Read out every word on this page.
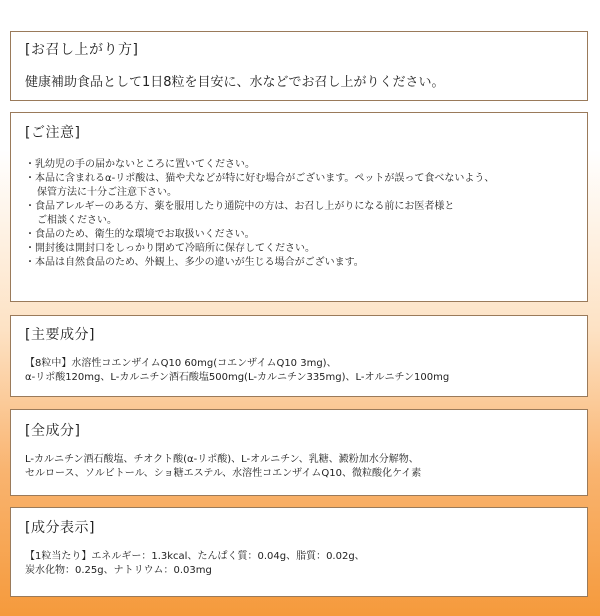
[お召し上がり方]

健康補助食品として1日8粒を目安に、水などでお召し上がりください。

[ご注意]
・乳幼児の手の届かないところに置いてください。
・本品に含まれるα-リポ酸は、猫や犬などが特に好む場合がございます。ペットが誤って食べないよう、
保管方法に十分ご注意下さい。
・食品アレルギーのある方、薬を服用したり通院中の方は、お召し上がりになる前にお医者様と
ご相談ください。
・食品のため、衛生的な環境でお取扱いください。
・開封後は開封口をしっかり閉めて冷暗所に保存してください。
・本品は自然食品のため、外観上、多少の違いが生じる場合がございます。
[主要成分]
【8粒中】水溶性コエンザイムQ10 60mg(コエンザイムQ10 3mg)、
α-リポ酸120mg、L-カルニチン酒石酸塩500mg(L-カルニチン335mg)、L-オルニチン100mg
[全成分]
L-カルニチン酒石酸塩、チオクト酸(α-リポ酸)、L-オルニチン、乳糖、澱粉加水分解物、
セルロース、ソルビトール、ショ糖エステル、水溶性コエンザイムQ10、微粒酸化ケイ素
[成分表示]
【1粒当たり】エネルギー：1.3kcal、たんぱく質：0.04g、脂質：0.02g、
炭水化物：0.25g、ナトリウム：0.03mg
